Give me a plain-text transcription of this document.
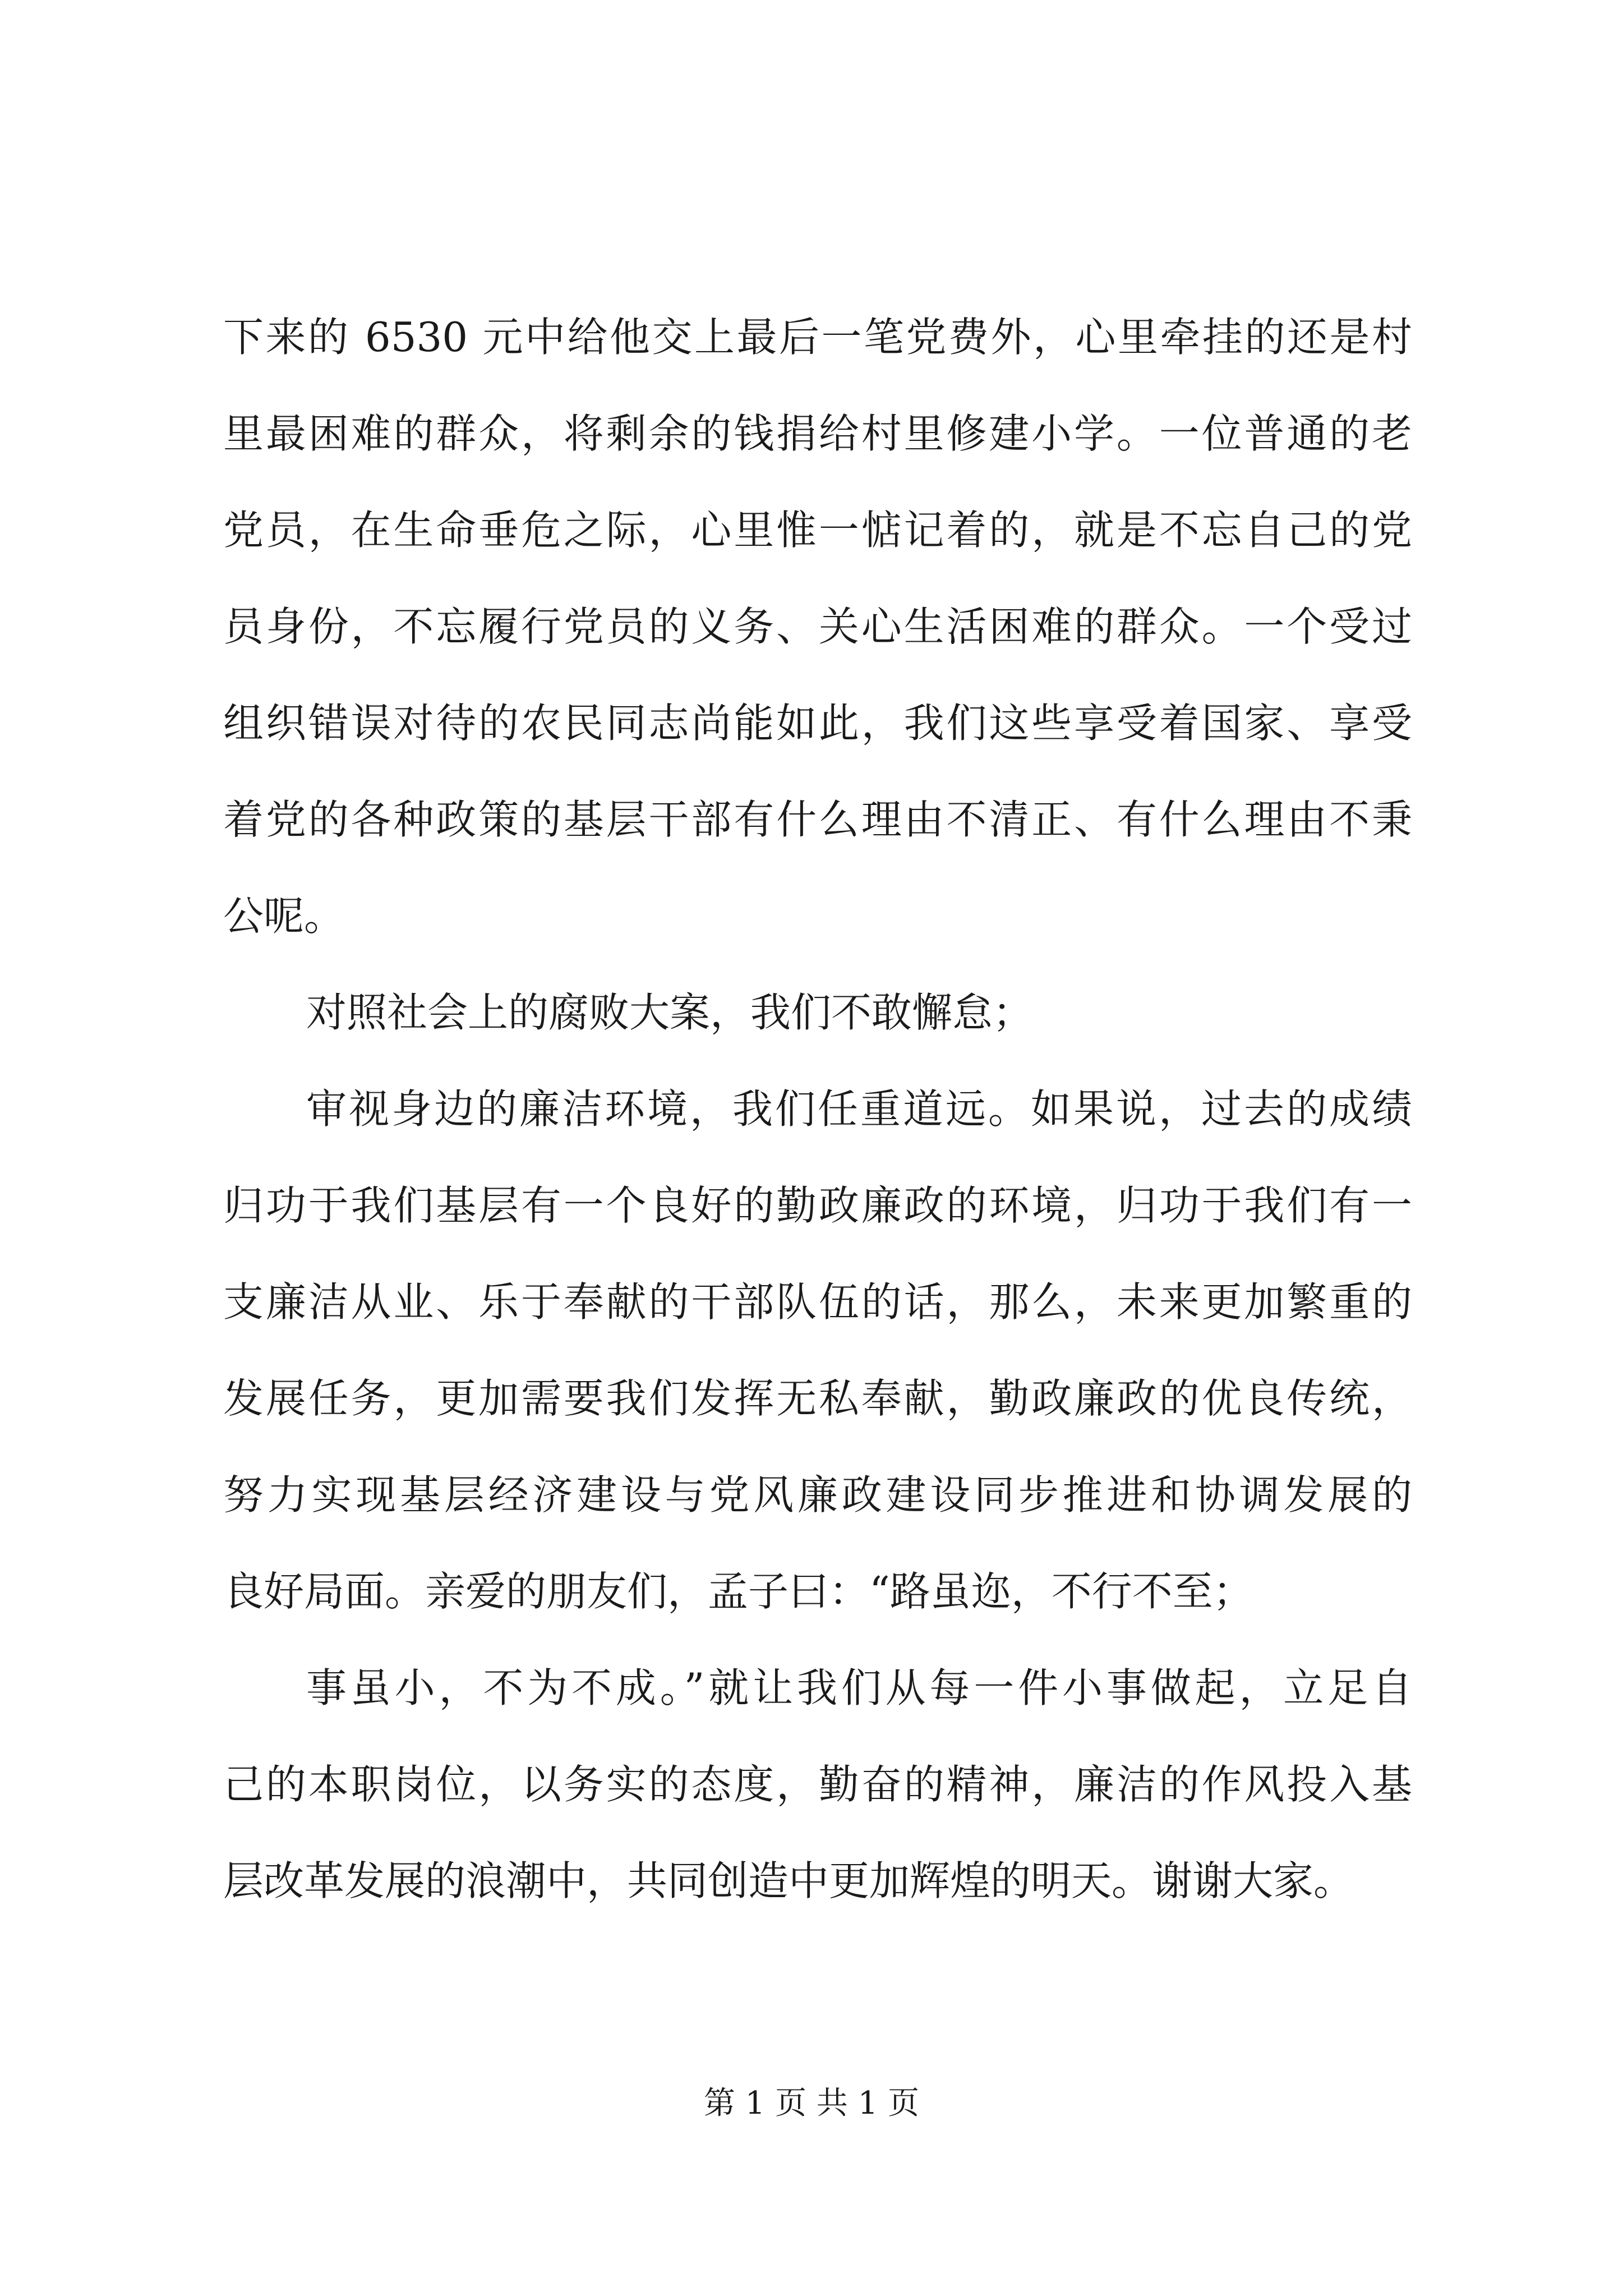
下来的 6530 元中给他交上最后一笔党费外，心里牵挂的还是村
里最困难的群众，将剩余的钱捐给村里修建小学。一位普通的老
党员，在生命垂危之际，心里惟一惦记着的，就是不忘自己的党
员身份，不忘履行党员的义务、关心生活困难的群众。一个受过
组织错误对待的农民同志尚能如此，我们这些享受着国家、享受
着党的各种政策的基层干部有什么理由不清正、有什么理由不秉
公呢。
对照社会上的腐败大案，我们不敢懈怠；
审视身边的廉洁环境，我们任重道远。如果说，过去的成绩
归功于我们基层有一个良好的勤政廉政的环境，归功于我们有一
支廉洁从业、乐于奉献的干部队伍的话，那么，未来更加繁重的
发展任务，更加需要我们发挥无私奉献，勤政廉政的优良传统，
努力实现基层经济建设与党风廉政建设同步推进和协调发展的
良好局面。亲爱的朋友们，孟子曰：“路虽迩，不行不至；
事虽小，不为不成。”就让我们从每一件小事做起，立足自
己的本职岗位，以务实的态度，勤奋的精神，廉洁的作风投入基
层改革发展的浪潮中，共同创造中更加辉煌的明天。谢谢大家。
第 1 页 共 1 页
